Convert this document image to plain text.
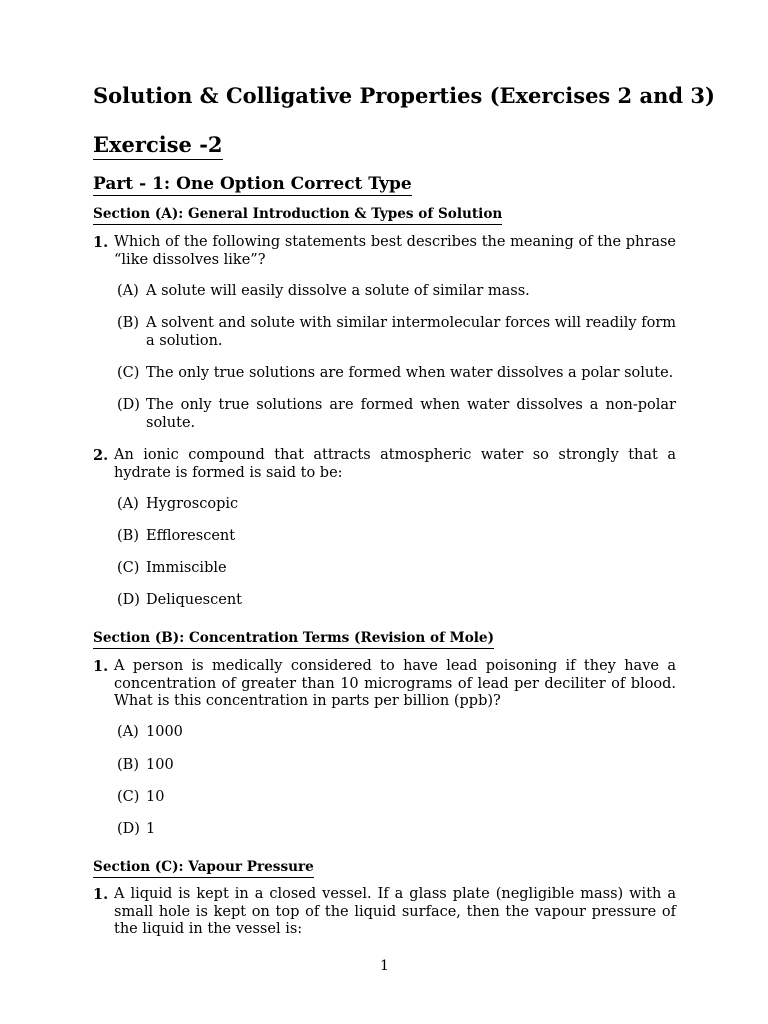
Solution & Colligative Properties (Exercises 2 and 3)
Exercise -2
Part - 1: One Option Correct Type
Section (A): General Introduction & Types of Solution
1. Which of the following statements best describes the meaning of the phrase “like dissolves like”?
(A) A solute will easily dissolve a solute of similar mass.
(B) A solvent and solute with similar intermolecular forces will readily form a solution.
(C) The only true solutions are formed when water dissolves a polar solute.
(D) The only true solutions are formed when water dissolves a non-polar solute.
2. An ionic compound that attracts atmospheric water so strongly that a hydrate is formed is said to be:
(A) Hygroscopic
(B) Efflorescent
(C) Immiscible
(D) Deliquescent
Section (B): Concentration Terms (Revision of Mole)
1. A person is medically considered to have lead poisoning if they have a concentration of greater than 10 micrograms of lead per deciliter of blood. What is this concentration in parts per billion (ppb)?
(A) 1000
(B) 100
(C) 10
(D) 1
Section (C): Vapour Pressure
1. A liquid is kept in a closed vessel. If a glass plate (negligible mass) with a small hole is kept on top of the liquid surface, then the vapour pressure of the liquid in the vessel is:
1
